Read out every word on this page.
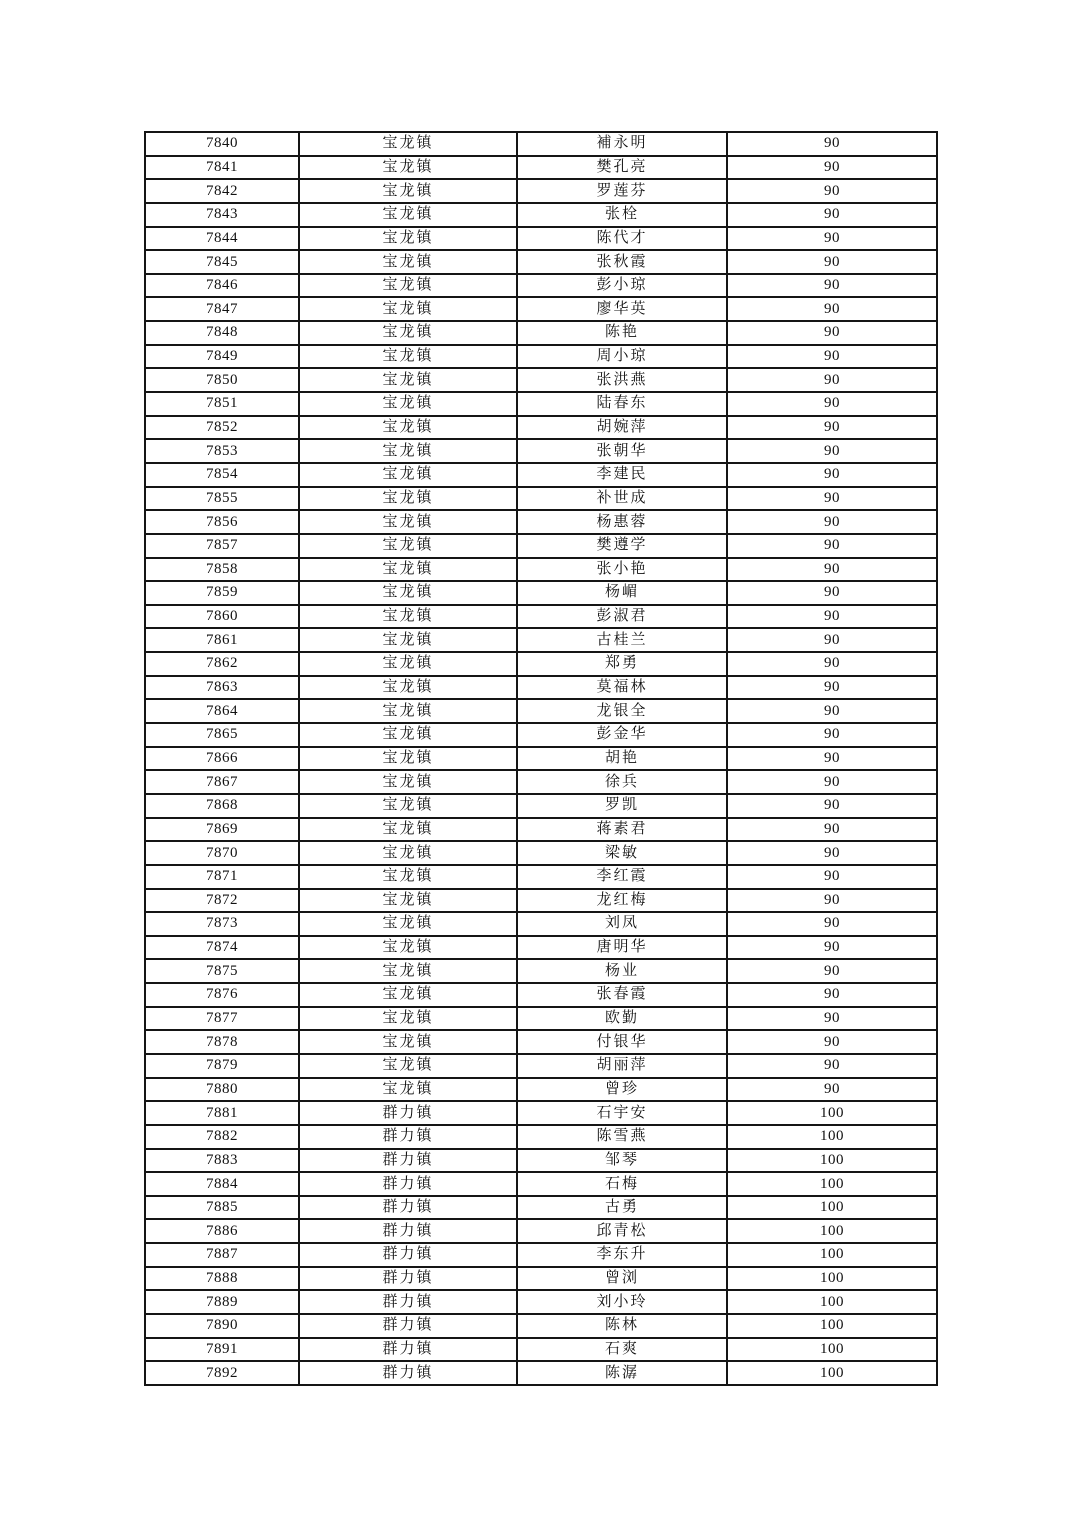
7840	宝龙镇	補永明	90
7841	宝龙镇	樊孔亮	90
7842	宝龙镇	罗莲芬	90
7843	宝龙镇	张栓	90
7844	宝龙镇	陈代才	90
7845	宝龙镇	张秋霞	90
7846	宝龙镇	彭小琼	90
7847	宝龙镇	廖华英	90
7848	宝龙镇	陈艳	90
7849	宝龙镇	周小琼	90
7850	宝龙镇	张洪燕	90
7851	宝龙镇	陆春东	90
7852	宝龙镇	胡婉萍	90
7853	宝龙镇	张朝华	90
7854	宝龙镇	李建民	90
7855	宝龙镇	补世成	90
7856	宝龙镇	杨惠蓉	90
7857	宝龙镇	樊遵学	90
7858	宝龙镇	张小艳	90
7859	宝龙镇	杨嵋	90
7860	宝龙镇	彭淑君	90
7861	宝龙镇	古桂兰	90
7862	宝龙镇	郑勇	90
7863	宝龙镇	莫福林	90
7864	宝龙镇	龙银全	90
7865	宝龙镇	彭金华	90
7866	宝龙镇	胡艳	90
7867	宝龙镇	徐兵	90
7868	宝龙镇	罗凯	90
7869	宝龙镇	蒋素君	90
7870	宝龙镇	梁敏	90
7871	宝龙镇	李红霞	90
7872	宝龙镇	龙红梅	90
7873	宝龙镇	刘凤	90
7874	宝龙镇	唐明华	90
7875	宝龙镇	杨业	90
7876	宝龙镇	张春霞	90
7877	宝龙镇	欧勤	90
7878	宝龙镇	付银华	90
7879	宝龙镇	胡丽萍	90
7880	宝龙镇	曾珍	90
7881	群力镇	石宇安	100
7882	群力镇	陈雪燕	100
7883	群力镇	邹琴	100
7884	群力镇	石梅	100
7885	群力镇	古勇	100
7886	群力镇	邱青松	100
7887	群力镇	李东升	100
7888	群力镇	曾浏	100
7889	群力镇	刘小玲	100
7890	群力镇	陈林	100
7891	群力镇	石爽	100
7892	群力镇	陈潺	100
